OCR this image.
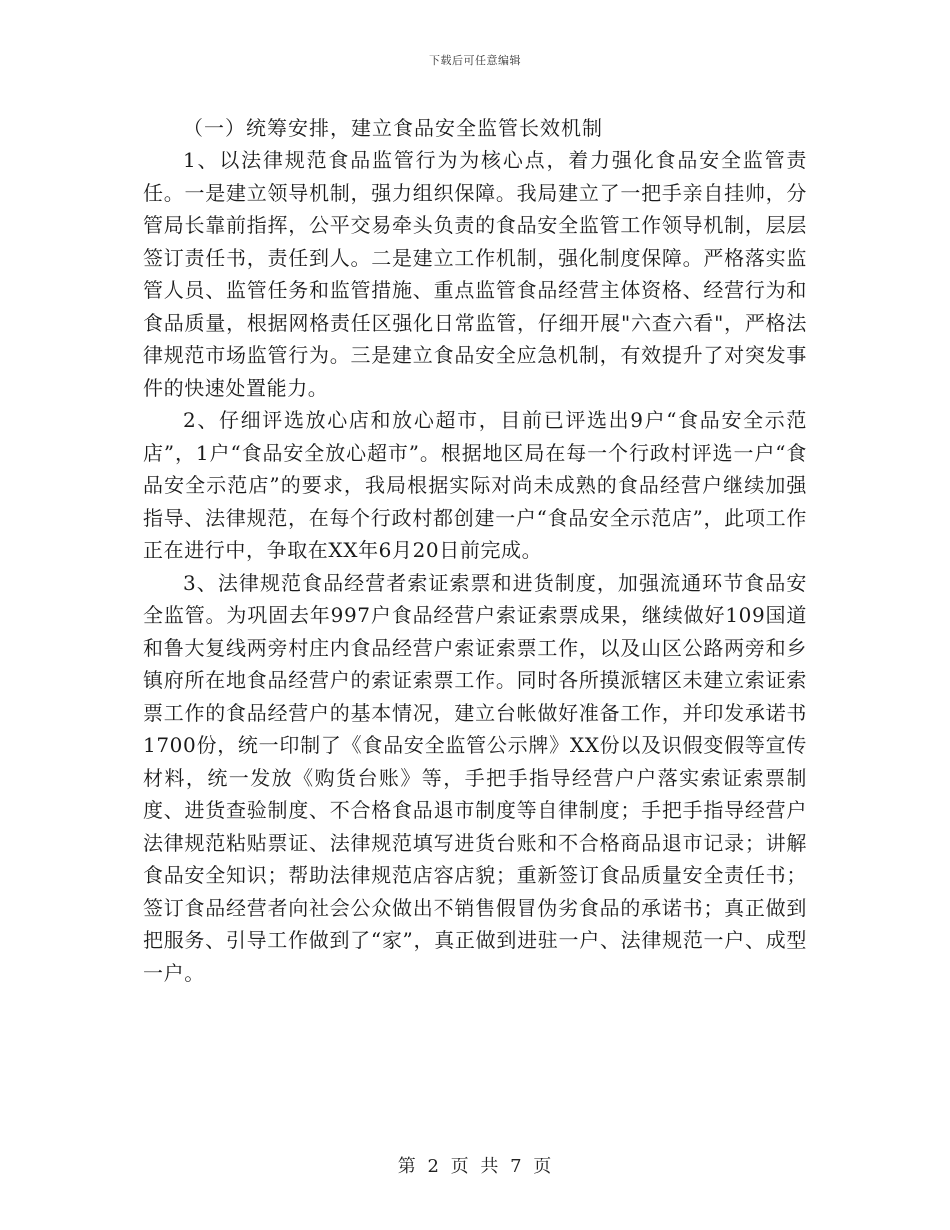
下载后可任意编辑
（一）统筹安排，建立食品安全监管长效机制

1、以法律规范食品监管行为为核心点，着力强化食品安全监管责任。一是建立领导机制，强力组织保障。我局建立了一把手亲自挂帅，分管局长靠前指挥，公平交易牵头负责的食品安全监管工作领导机制，层层签订责任书，责任到人。二是建立工作机制，强化制度保障。严格落实监管人员、监管任务和监管措施、重点监管食品经营主体资格、经营行为和食品质量，根据网格责任区强化日常监管，仔细开展"六查六看"，严格法律规范市场监管行为。三是建立食品安全应急机制，有效提升了对突发事件的快速处置能力。

2、仔细评选放心店和放心超市，目前已评选出9户“食品安全示范店”，1户“食品安全放心超市”。根据地区局在每一个行政村评选一户“食品安全示范店”的要求，我局根据实际对尚未成熟的食品经营户继续加强指导、法律规范，在每个行政村都创建一户“食品安全示范店”，此项工作正在进行中，争取在XX年6月20日前完成。

3、法律规范食品经营者索证索票和进货制度，加强流通环节食品安全监管。为巩固去年997户食品经营户索证索票成果，继续做好109国道和鲁大复线两旁村庄内食品经营户索证索票工作，以及山区公路两旁和乡镇府所在地食品经营户的索证索票工作。同时各所摸派辖区未建立索证索票工作的食品经营户的基本情况，建立台帐做好准备工作，并印发承诺书1700份，统一印制了《食品安全监管公示牌》XX份以及识假变假等宣传材料，统一发放《购货台账》等，手把手指导经营户户落实索证索票制度、进货查验制度、不合格食品退市制度等自律制度；手把手指导经营户法律规范粘贴票证、法律规范填写进货台账和不合格商品退市记录；讲解食品安全知识；帮助法律规范店容店貌；重新签订食品质量安全责任书；签订食品经营者向社会公众做出不销售假冒伪劣食品的承诺书；真正做到把服务、引导工作做到了“家”，真正做到进驻一户、法律规范一户、成型一户。

第 2 页 共 7 页
